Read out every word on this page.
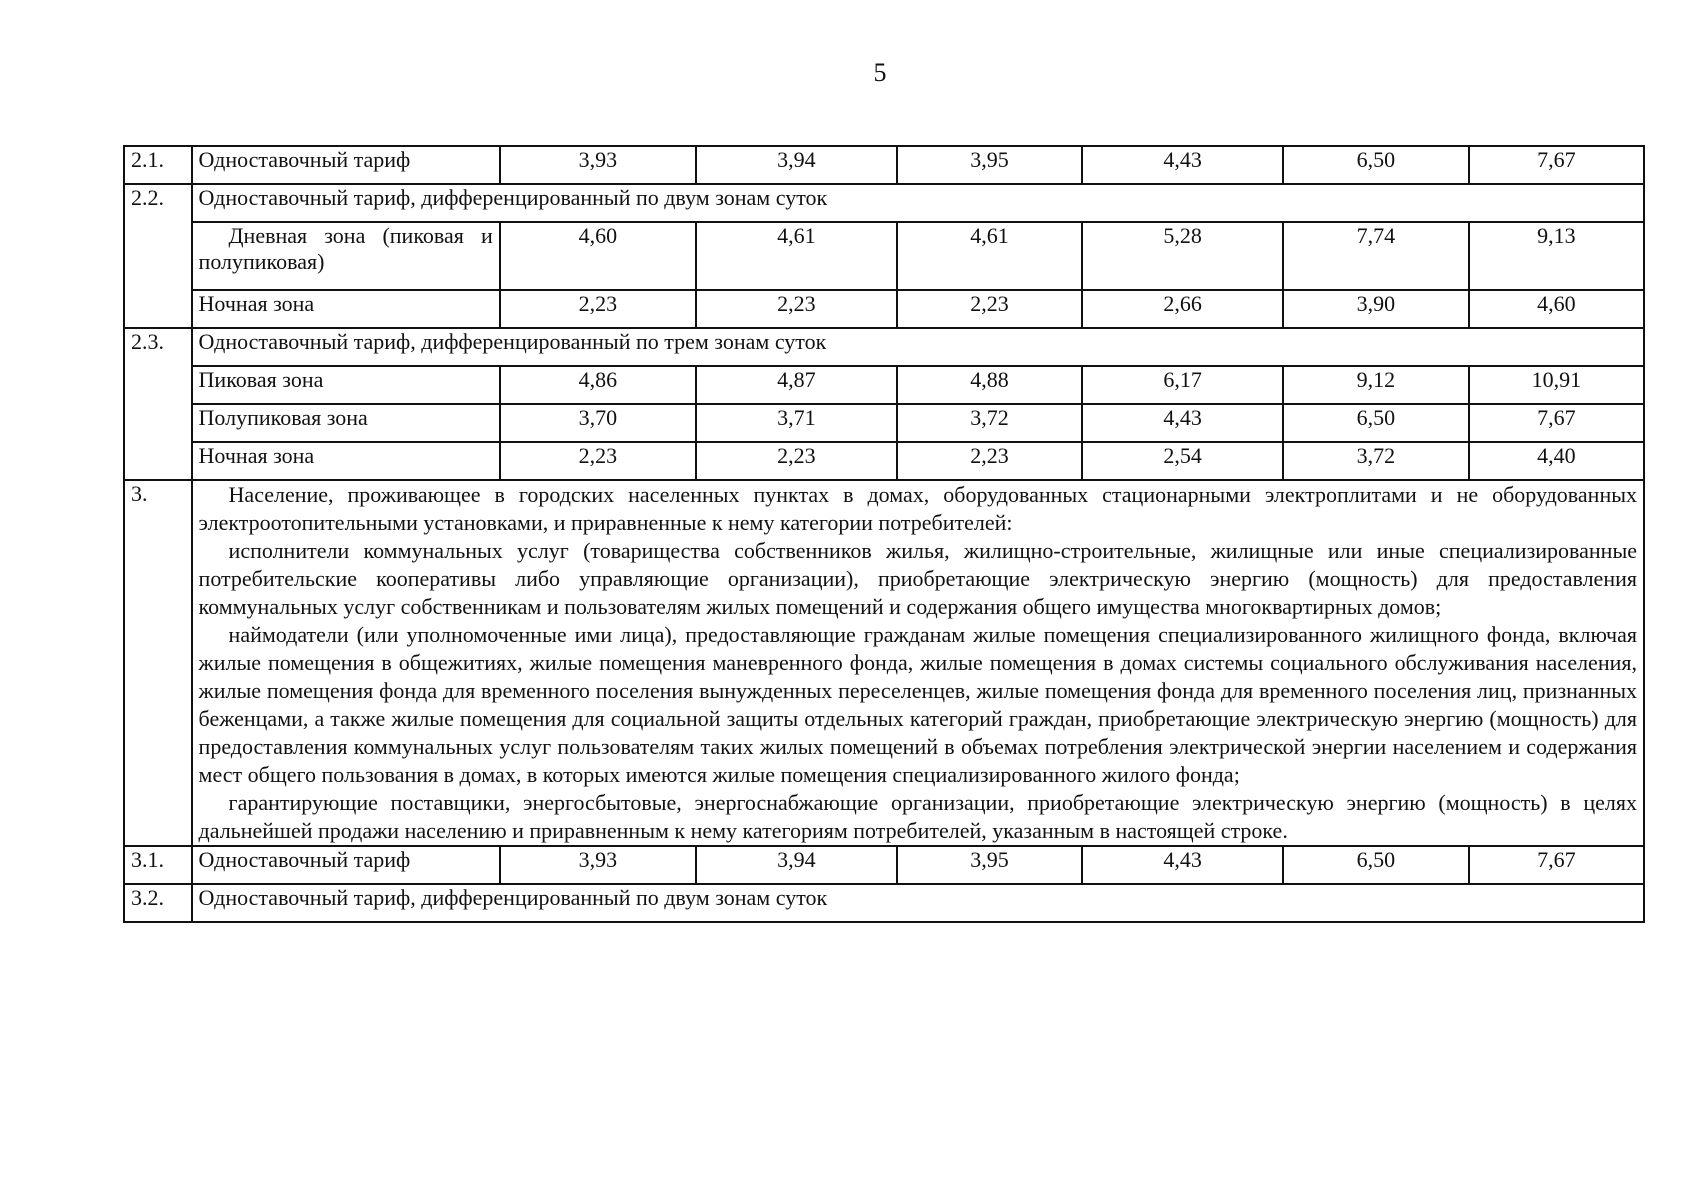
5
2.1.	Одноставочный тариф	3,93	3,94	3,95	4,43	6,50	7,67
2.2.	Одноставочный тариф, дифференцированный по двум зонам суток						
	Дневная зона (пиковая и полупиковая)	4,60	4,61	4,61	5,28	7,74	9,13
	Ночная зона	2,23	2,23	2,23	2,66	3,90	4,60
2.3.	Одноставочный тариф, дифференцированный по трем зонам суток						
	Пиковая зона	4,86	4,87	4,88	6,17	9,12	10,91
	Полупиковая зона	3,70	3,71	3,72	4,43	6,50	7,67
	Ночная зона	2,23	2,23	2,23	2,54	3,72	4,40
3.	Население, проживающее в городских населенных пунктах в домах, оборудованных стационарными электроплитами и не оборудованных электроотопительными установками, и приравненные к нему категории потребителей:

исполнители коммунальных услуг (товарищества собственников жилья, жилищно-строительные, жилищные или иные специализированные потребительские кооперативы либо управляющие организации), приобретающие электрическую энергию (мощность) для предоставления коммунальных услуг собственникам и пользователям жилых помещений и содержания общего имущества многоквартирных домов;

наймодатели (или уполномоченные ими лица), предоставляющие гражданам жилые помещения специализированного жилищного фонда, включая жилые помещения в общежитиях, жилые помещения маневренного фонда, жилые помещения в домах системы социального обслуживания населения, жилые помещения фонда для временного поселения вынужденных переселенцев, жилые помещения фонда для временного поселения лиц, признанных беженцами, а также жилые помещения для социальной защиты отдельных категорий граждан, приобретающие электрическую энергию (мощность) для предоставления коммунальных услуг пользователям таких жилых помещений в объемах потребления электрической энергии населением и содержания мест общего пользования в домах, в которых имеются жилые помещения специализированного жилого фонда;

гарантирующие поставщики, энергосбытовые, энергоснабжающие организации, приобретающие электрическую энергию (мощность) в целях дальнейшей продажи населению и приравненным к нему категориям потребителей, указанным в настоящей строке.						

3.1.	Одноставочный тариф	3,93	3,94	3,95	4,43	6,50	7,67
3.2.	Одноставочный тариф, дифференцированный по двум зонам суток						
